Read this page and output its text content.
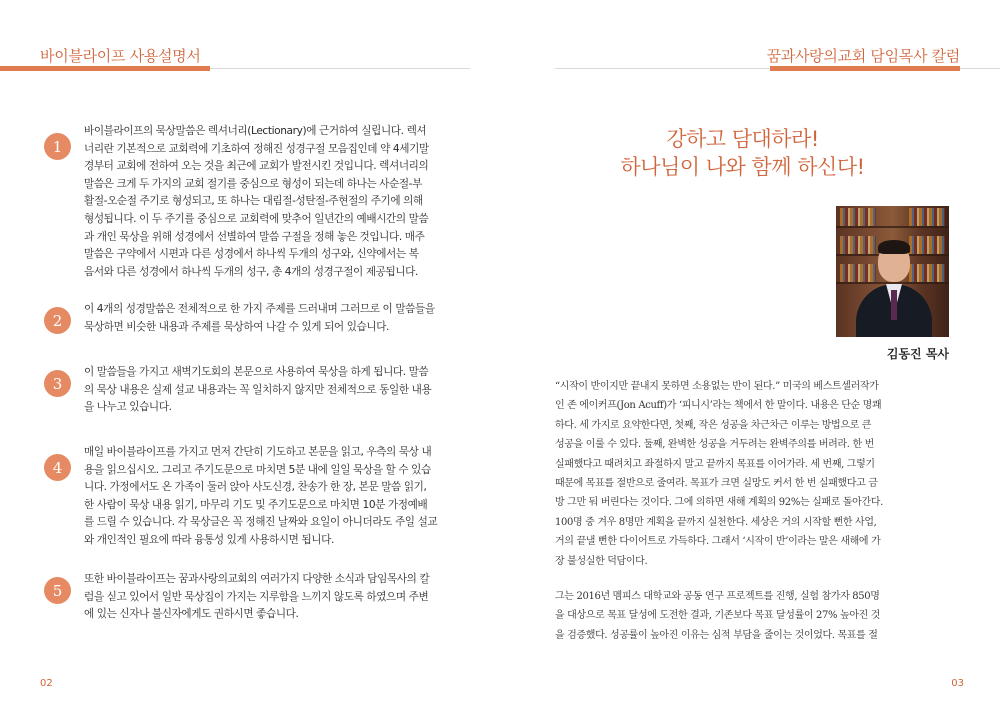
바이블라이프 사용설명서
1
바이블라이프의 묵상말씀은 렉셔너리(Lectionary)에 근거하여 실립니다. 렉셔
너리란 기본적으로 교회력에 기초하여 정해진 성경구절 모음집인데 약 4세기말
경부터 교회에 전하여 오는 것을 최근에 교회가 발전시킨 것입니다. 렉셔너리의
말씀은 크게 두 가지의 교회 절기를 중심으로 형성이 되는데 하나는 사순절-부
활절-오순절 주기로 형성되고, 또 하나는 대림절-성탄절-주현절의 주기에 의해
형성됩니다. 이 두 주기를 중심으로 교회력에 맞추어 일년간의 예배시간의 말씀
과 개인 묵상을 위해 성경에서 선별하여 말씀 구절을 정해 놓은 것입니다. 매주
말씀은 구약에서 시편과 다른 성경에서 하나씩 두개의 성구와, 신약에서는 복
음서와 다른 성경에서 하나씩 두개의 성구, 총 4개의 성경구절이 제공됩니다.
2
이 4개의 성경말씀은 전체적으로 한 가지 주제를 드러내며 그러므로 이 말씀들을
묵상하면 비슷한 내용과 주제를 묵상하여 나갈 수 있게 되어 있습니다.
3
이 말씀들을 가지고 새벽기도회의 본문으로 사용하여 묵상을 하게 됩니다. 말씀
의 묵상 내용은 실제 설교 내용과는 꼭 일치하지 않지만 전체적으로 동일한 내용
을 나누고 있습니다.
4
매일 바이블라이프를 가지고 먼저 간단히 기도하고 본문을 읽고, 우측의 묵상 내
용을 읽으십시오. 그리고 주기도문으로 마치면 5분 내에 일일 묵상을 할 수 있습
니다. 가정에서도 온 가족이 둘러 앉아 사도신경, 찬송가 한 장, 본문 말씀 읽기,
한 사람이 묵상 내용 읽기, 마무리 기도 및 주기도문으로 마치면 10분 가정예배
를 드릴 수 있습니다. 각 묵상글은 꼭 정해진 날짜와 요일이 아니더라도 주일 설교
와 개인적인 필요에 따라 융통성 있게 사용하시면 됩니다.
5
또한 바이블라이프는 꿈과사랑의교회의 여러가지 다양한 소식과 담임목사의 칼
럼을 싣고 있어서 일반 묵상집이 가지는 지루함을 느끼지 않도록 하였으며 주변
에 있는 신자나 불신자에게도 권하시면 좋습니다.
02
꿈과사랑의교회 담임목사 칼럼
강하고 담대하라!
하나님이 나와 함께 하신다!
김동진 목사
“시작이 반이지만 끝내지 못하면 소용없는 반이 된다.” 미국의 베스트셀러작가
인 존 에이커프(Jon Acuff)가 ‘피니시’라는 책에서 한 말이다. 내용은 단순 명쾌
하다. 세 가지로 요약한다면, 첫째, 작은 성공을 차근차근 이루는 방법으로 큰
성공을 이룰 수 있다. 둘째, 완벽한 성공을 거두려는 완벽주의를 버려라. 한 번
실패했다고 때려치고 좌절하지 말고 끝까지 목표를 이어가라. 세 번째, 그렇기
때문에 목표를 절반으로 줄여라. 목표가 크면 실망도 커서 한 번 실패했다고 금
방 그만 둬 버린다는 것이다. 그에 의하면 새해 계획의 92%는 실패로 돌아간다.
100명 중 겨우 8명만 계획을 끝까지 실천한다. 세상은 거의 시작할 뻔한 사업,
거의 끝낼 뻔한 다이어트로 가득하다. 그래서 ‘시작이 반’이라는 말은 새해에 가
장 불성실한 덕담이다.
그는 2016년 멤피스 대학교와 공동 연구 프로젝트를 진행, 실험 참가자 850명
을 대상으로 목표 달성에 도전한 결과, 기존보다 목표 달성률이 27% 높아진 것
을 검증했다. 성공률이 높아진 이유는 심적 부담을 줄이는 것이었다. 목표를 절
03
